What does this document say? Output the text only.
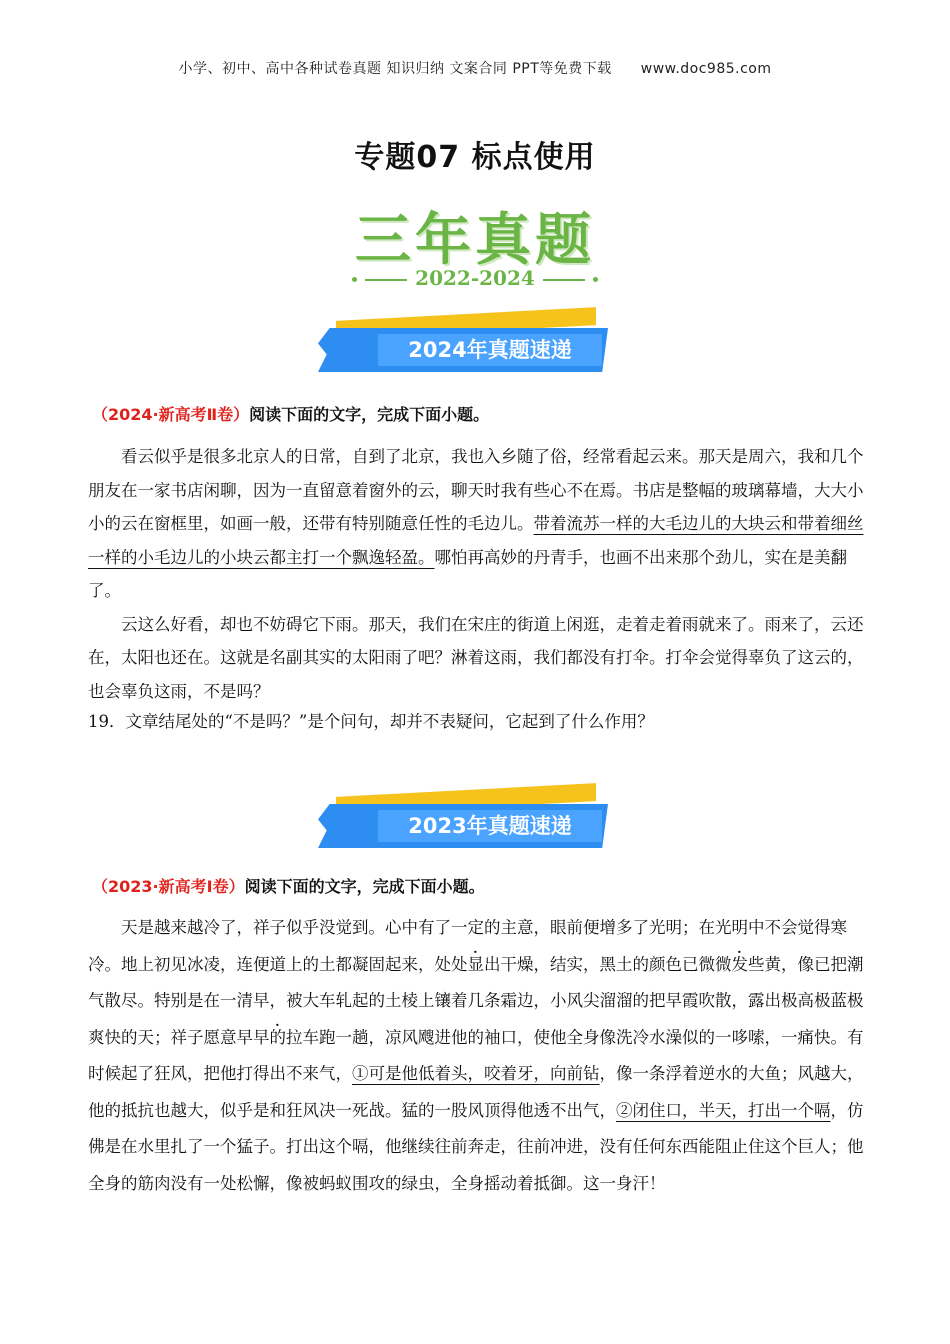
小学、初中、高中各种试卷真题 知识归纳 文案合同 PPT等免费下载 www.doc985.com
专题07 标点使用
三年真题
2022-2024
2024年真题速递
（2024·新高考Ⅱ卷）阅读下面的文字，完成下面小题。

看云似乎是很多北京人的日常，自到了北京，我也入乡随了俗，经常看起云来。那天是周六，我和几个朋友在一家书店闲聊，因为一直留意着窗外的云，聊天时我有些心不在焉。书店是整幅的玻璃幕墙，大大小小的云在窗框里，如画一般，还带有特别随意任性的毛边儿。带着流苏一样的大毛边儿的大块云和带着细丝一样的小毛边儿的小块云都主打一个飘逸轻盈。哪怕再高妙的丹青手，也画不出来那个劲儿，实在是美翻了。

云这么好看，却也不妨碍它下雨。那天，我们在宋庄的街道上闲逛，走着走着雨就来了。雨来了，云还在，太阳也还在。这就是名副其实的太阳雨了吧？淋着这雨，我们都没有打伞。打伞会觉得辜负了这云的，也会辜负这雨，不是吗？

19．文章结尾处的“不是吗？”是个问句，却并不表疑问，它起到了什么作用？
2023年真题速递
（2023·新高考Ⅰ卷）阅读下面的文字，完成下面小题。

天是越来越冷了，祥子似乎没觉到。心中有了一定的主意，眼前便增多了光明；在光明中不会觉得寒冷。地上初见冰凌，连便道上的土都凝固起来，处处显出干燥，结实，黑土的颜色已微微发些黄，像已把潮气散尽。特别是在一清早，被大车轧起的土棱上镶着几条霜边，小风尖溜溜的把早霞吹散，露出极高极蓝极爽快的天；祥子愿意早早的拉车跑一趟，凉风飕进他的袖口，使他全身像洗冷水澡似的一哆嗦，一痛快。有时候起了狂风，把他打得出不来气，①可是他低着头，咬着牙，向前钻，像一条浮着逆水的大鱼；风越大，他的抵抗也越大，似乎是和狂风决一死战。猛的一股风顶得他透不出气，②闭住口，半天，打出一个嗝，仿佛是在水里扎了一个猛子。打出这个嗝，他继续往前奔走，往前冲进，没有任何东西能阻止住这个巨人；他全身的筋肉没有一处松懈，像被蚂蚁围攻的绿虫，全身摇动着抵御。这一身汗！
